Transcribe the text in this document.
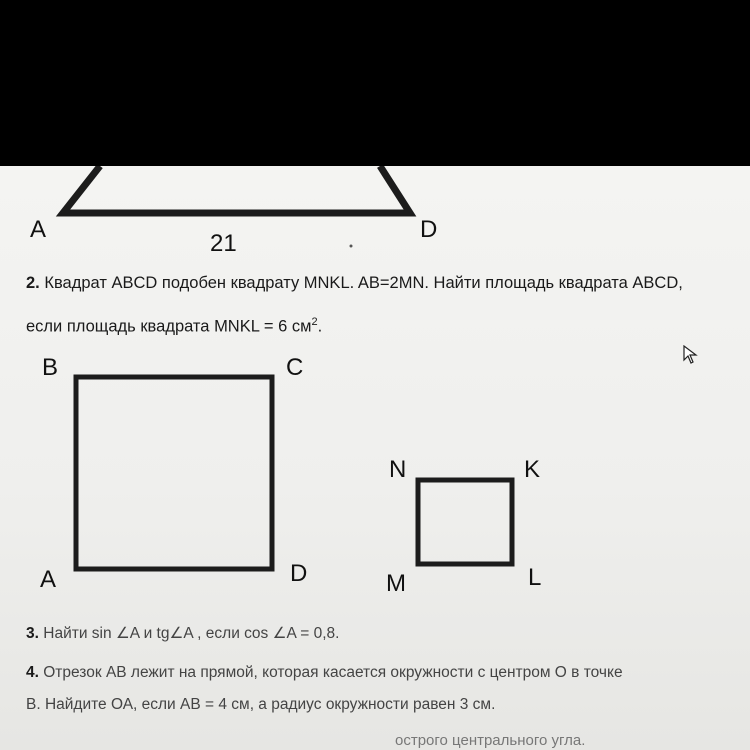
A	D
21
2. Квадрат ABCD подобен квадрату MNKL. AB=2MN. Найти площадь квадрата ABCD,
если площадь квадрата MNKL = 6 $см^2$.
B	C
A	D
N	K
M	L
3. Найти sin ∠A и tg∠A , если cos ∠A = 0,8.
4. Отрезок АВ лежит на прямой, которая касается окружности с центром O в точке
В. Найдите ОА, если АВ = 4 см, а радиус окружности равен 3 см.
острого центрального угла.
